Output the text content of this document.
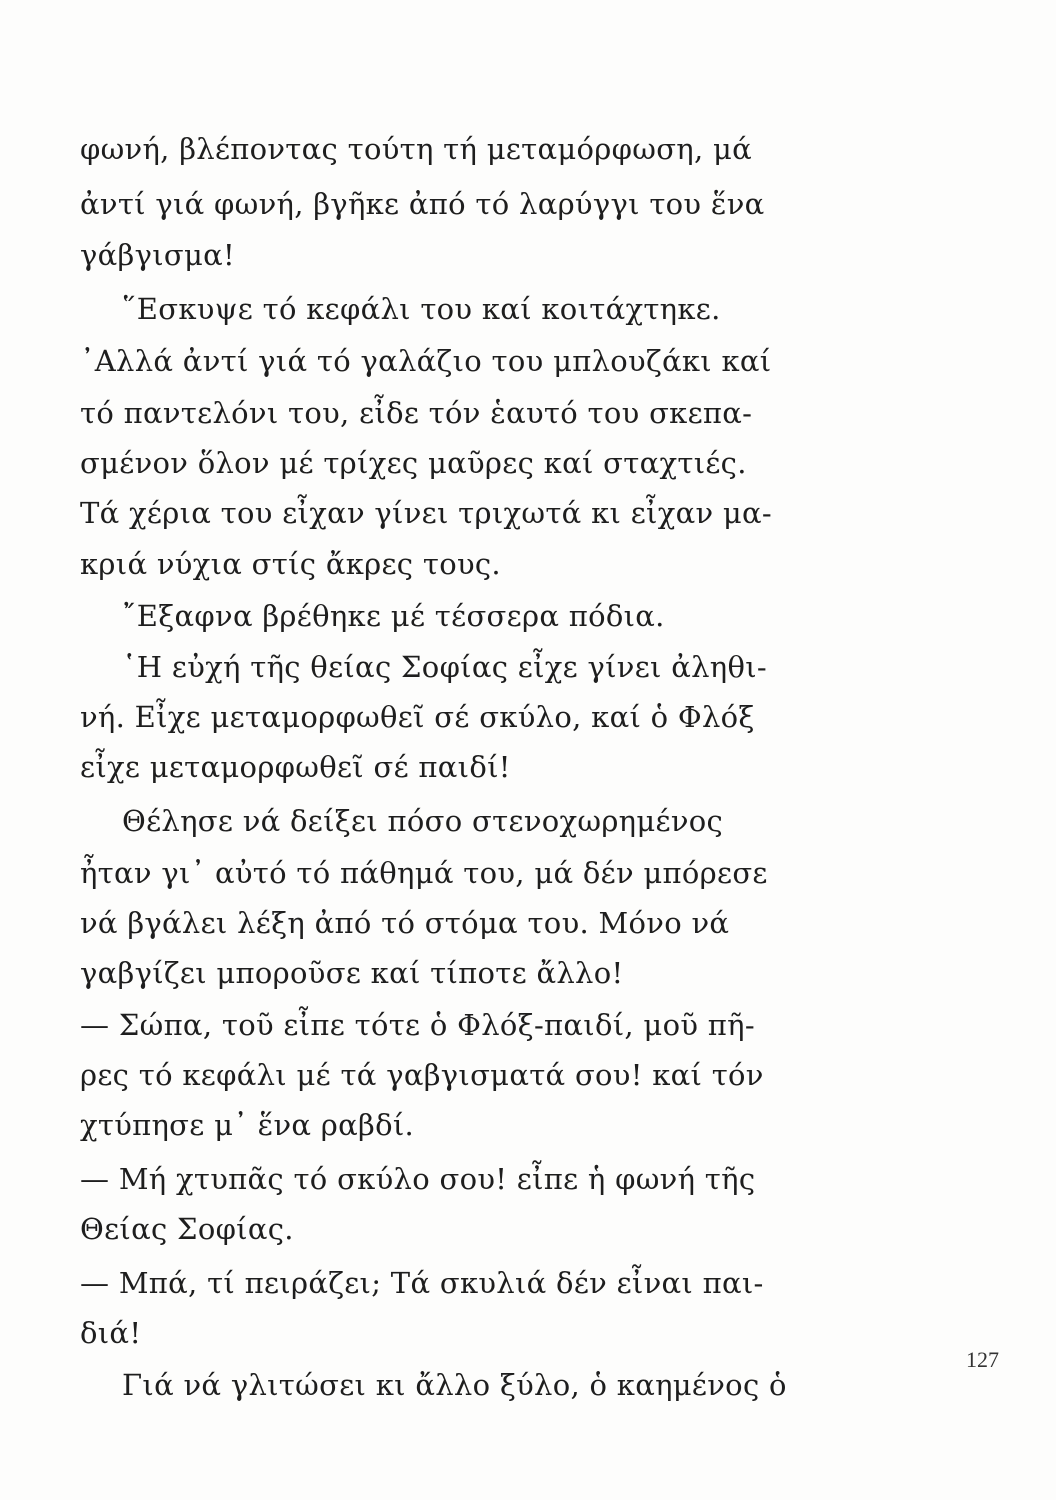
φωνή, βλέποντας τούτη τή μεταμόρφωση, μά
ἀντί γιά φωνή, βγῆκε ἀπό τό λαρύγγι του ἕνα
γάβγισμα!
῞Εσκυψε τό κεφάλι του καί κοιτάχτηκε.
᾿Αλλά ἀντί γιά τό γαλάζιο του μπλουζάκι καί
τό παντελόνι του, εἶδε τόν ἑαυτό του σκεπα-
σμένον ὅλον μέ τρίχες μαῦρες καί σταχτιές.
Τά χέρια του εἶχαν γίνει τριχωτά κι εἶχαν μα-
κριά νύχια στίς ἄκρες τους.
῎Εξαφνα βρέθηκε μέ τέσσερα πόδια.
῾Η εὐχή τῆς θείας Σοφίας εἶχε γίνει ἀληθι-
νή. Εἶχε μεταμορφωθεῖ σέ σκύλο, καί ὁ Φλόξ
εἶχε μεταμορφωθεῖ σέ παιδί!
Θέλησε νά δείξει πόσο στενοχωρημένος
ἦταν γι᾿ αὐτό τό πάθημά του, μά δέν μπόρεσε
νά βγάλει λέξη ἀπό τό στόμα του. Μόνο νά
γαβγίζει μποροῦσε καί τίποτε ἄλλο!
— Σώπα, τοῦ εἶπε τότε ὁ Φλόξ-παιδί, μοῦ πῆ-
ρες τό κεφάλι μέ τά γαβγισματά σου! καί τόν
χτύπησε μ᾿ ἕνα ραβδί.
— Μή χτυπᾶς τό σκύλο σου! εἶπε ἡ φωνή τῆς
Θείας Σοφίας.
— Μπά, τί πειράζει; Τά σκυλιά δέν εἶναι παι-
διά!
Γιά νά γλιτώσει κι ἄλλο ξύλο, ὁ καημένος ὁ
127
